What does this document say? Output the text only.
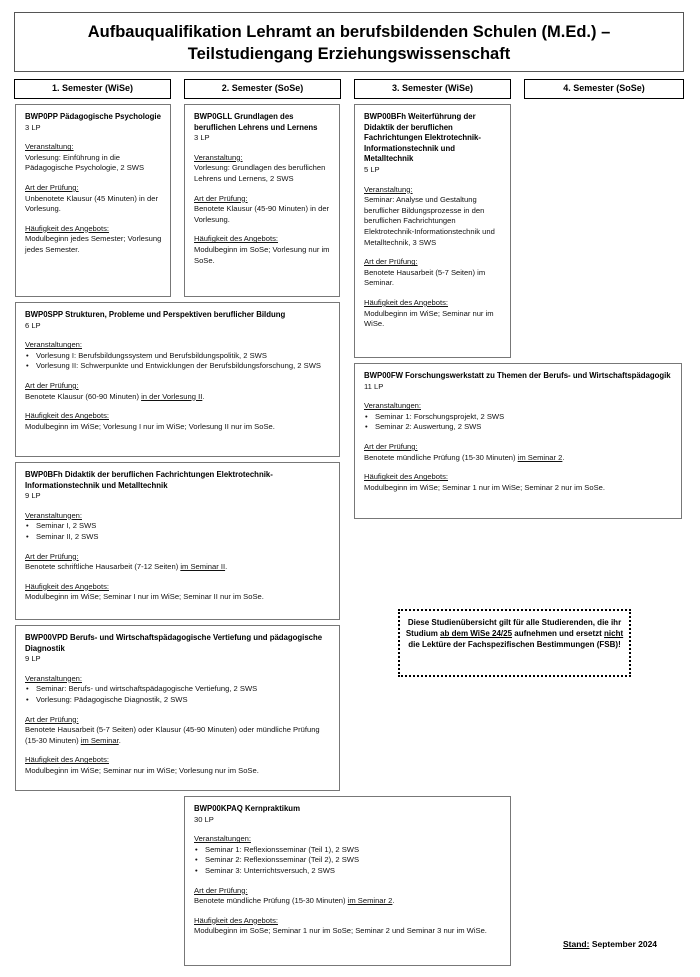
Aufbauqualifikation Lehramt an berufsbildenden Schulen (M.Ed.) –
Teilstudiengang Erziehungswissenschaft
1. Semester (WiSe)	2. Semester (SoSe)	3. Semester (WiSe)	4. Semester (SoSe)
BWP0PP Pädagogische Psychologie
3 LP
Veranstaltung:
Vorlesung: Einführung in die Pädagogische Psychologie, 2 SWS
Art der Prüfung:
Unbenotete Klausur (45 Minuten) in der Vorlesung.
Häufigkeit des Angebots:
Modulbeginn jedes Semester; Vorlesung jedes Semester.
BWP0GLL Grundlagen des beruflichen Lehrens und Lernens
3 LP
Veranstaltung:
Vorlesung: Grundlagen des beruflichen Lehrens und Lernens, 2 SWS
Art der Prüfung:
Benotete Klausur (45-90 Minuten) in der Vorlesung.
Häufigkeit des Angebots:
Modulbeginn im SoSe; Vorlesung nur im SoSe.
BWP00BFh Weiterführung der Didaktik der beruflichen Fachrichtungen Elektrotechnik-Informationstechnik und Metalltechnik
5 LP
Veranstaltung:
Seminar: Analyse und Gestaltung beruflicher Bildungsprozesse in den beruflichen Fachrichtungen Elektrotechnik-Informationstechnik und Metalltechnik, 3 SWS
Art der Prüfung:
Benotete Hausarbeit (5-7 Seiten) im Seminar.
Häufigkeit des Angebots:
Modulbeginn im WiSe; Seminar nur im WiSe.
BWP0SPP Strukturen, Probleme und Perspektiven beruflicher Bildung
6 LP
Veranstaltungen:
• Vorlesung I: Berufsbildungssystem und Berufsbildungspolitik, 2 SWS
• Vorlesung II: Schwerpunkte und Entwicklungen der Berufsbildungsforschung, 2 SWS
Art der Prüfung:
Benotete Klausur (60-90 Minuten) in der Vorlesung II.
Häufigkeit des Angebots:
Modulbeginn im WiSe; Vorlesung I nur im WiSe; Vorlesung II nur im SoSe.
BWP00FW Forschungswerkstatt zu Themen der Berufs- und Wirtschaftspädagogik
11 LP
Veranstaltungen:
• Seminar 1: Forschungsprojekt, 2 SWS
• Seminar 2: Auswertung, 2 SWS
Art der Prüfung:
Benotete mündliche Prüfung (15-30 Minuten) im Seminar 2.
Häufigkeit des Angebots:
Modulbeginn im WiSe; Seminar 1 nur im WiSe; Seminar 2 nur im SoSe.
BWP0BFh Didaktik der beruflichen Fachrichtungen Elektrotechnik-Informationstechnik und Metalltechnik
9 LP
Veranstaltungen:
• Seminar I, 2 SWS
• Seminar II, 2 SWS
Art der Prüfung:
Benotete schriftliche Hausarbeit (7-12 Seiten) im Seminar II.
Häufigkeit des Angebots:
Modulbeginn im WiSe; Seminar I nur im WiSe; Seminar II nur im SoSe.
BWP00VPD Berufs- und Wirtschaftspädagogische Vertiefung und pädagogische Diagnostik
9 LP
Veranstaltungen:
• Seminar: Berufs- und wirtschaftspädagogische Vertiefung, 2 SWS
• Vorlesung: Pädagogische Diagnostik, 2 SWS
Art der Prüfung:
Benotete Hausarbeit (5-7 Seiten) oder Klausur (45-90 Minuten) oder mündliche Prüfung (15-30 Minuten) im Seminar.
Häufigkeit des Angebots:
Modulbeginn im WiSe; Seminar nur im WiSe; Vorlesung nur im SoSe.
BWP00KPAQ Kernpraktikum
30 LP
Veranstaltungen:
• Seminar 1: Reflexionsseminar (Teil 1), 2 SWS
• Seminar 2: Reflexionsseminar (Teil 2), 2 SWS
• Seminar 3: Unterrichtsversuch, 2 SWS
Art der Prüfung:
Benotete mündliche Prüfung (15-30 Minuten) im Seminar 2.
Häufigkeit des Angebots:
Modulbeginn im SoSe; Seminar 1 nur im SoSe; Seminar 2 und Seminar 3 nur im WiSe.
Diese Studienübersicht gilt für alle Studierenden, die ihr Studium ab dem WiSe 24/25 aufnehmen und ersetzt nicht die Lektüre der Fachspezifischen Bestimmungen (FSB)!
Stand: September 2024
